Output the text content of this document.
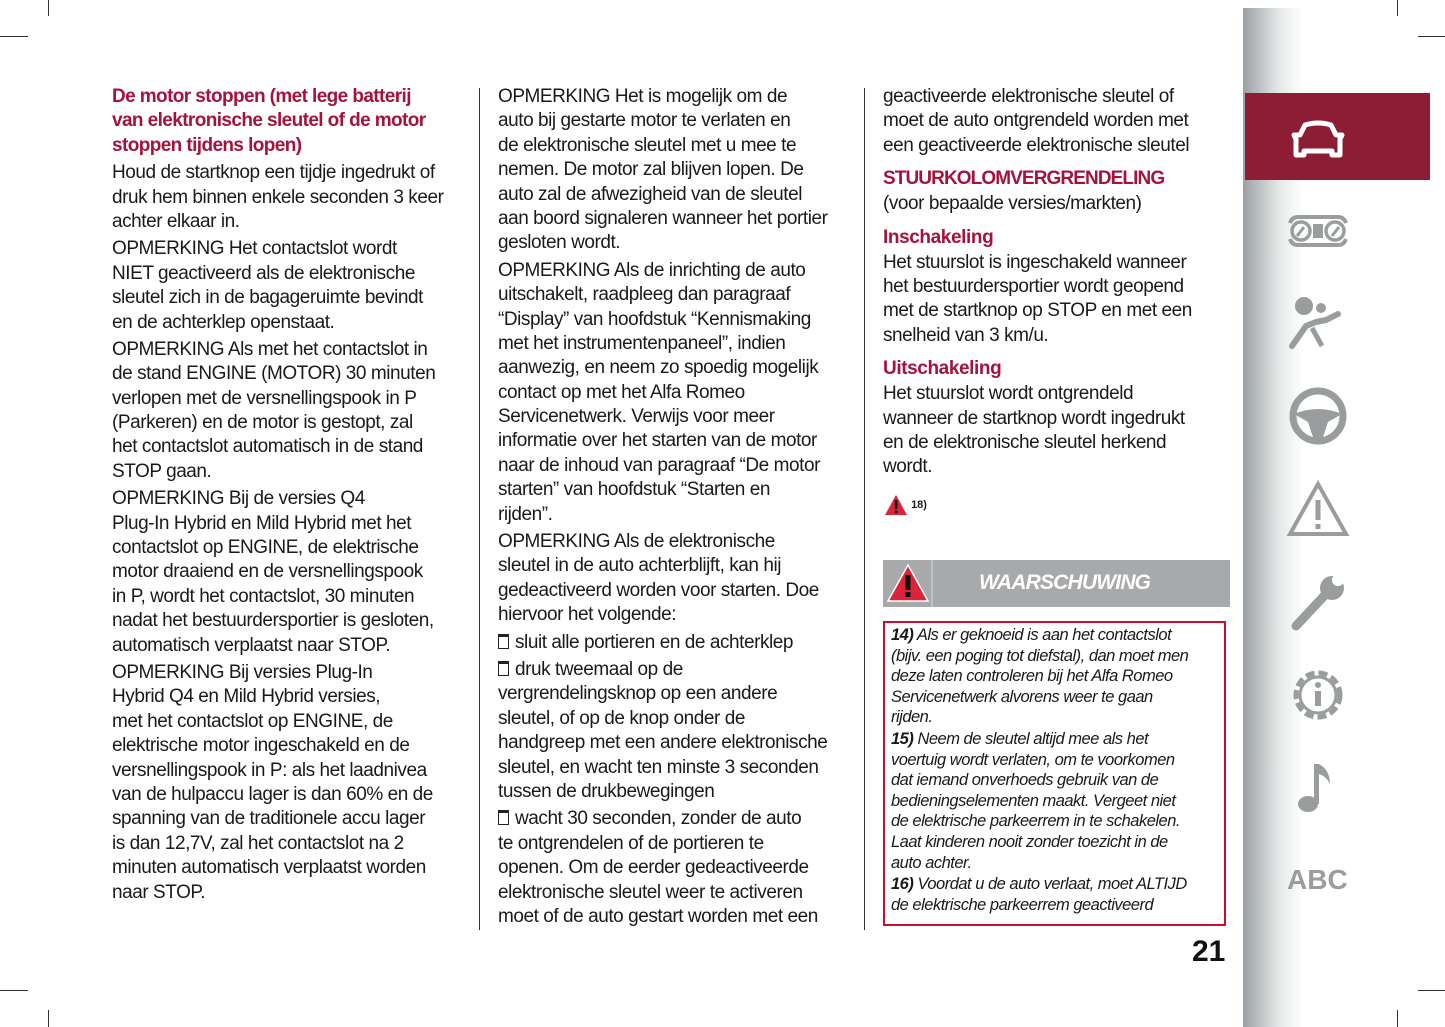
De motor stoppen (met lege batterij
van elektronische sleutel of de motor
stoppen tijdens lopen)
Houd de startknop een tijdje ingedrukt of
druk hem binnen enkele seconden 3 keer
achter elkaar in.
OPMERKING Het contactslot wordt
NIET geactiveerd als de elektronische
sleutel zich in de bagageruimte bevindt
en de achterklep openstaat.
OPMERKING Als met het contactslot in
de stand ENGINE (MOTOR) 30 minuten
verlopen met de versnellingspook in P
(Parkeren) en de motor is gestopt, zal
het contactslot automatisch in de stand
STOP gaan.
OPMERKING Bij de versies Q4
Plug-In Hybrid en Mild Hybrid met het
contactslot op ENGINE, de elektrische
motor draaiend en de versnellingspook
in P, wordt het contactslot, 30 minuten
nadat het bestuurdersportier is gesloten,
automatisch verplaatst naar STOP.
OPMERKING Bij versies Plug-In
Hybrid Q4 en Mild Hybrid versies,
met het contactslot op ENGINE, de
elektrische motor ingeschakeld en de
versnellingspook in P: als het laadnivea
van de hulpaccu lager is dan 60% en de
spanning van de traditionele accu lager
is dan 12,7V, zal het contactslot na 2
minuten automatisch verplaatst worden
naar STOP.
OPMERKING Het is mogelijk om de
auto bij gestarte motor te verlaten en
de elektronische sleutel met u mee te
nemen. De motor zal blijven lopen. De
auto zal de afwezigheid van de sleutel
aan boord signaleren wanneer het portier
gesloten wordt.
OPMERKING Als de inrichting de auto
uitschakelt, raadpleeg dan paragraaf
“Display” van hoofdstuk “Kennismaking
met het instrumentenpaneel”, indien
aanwezig, en neem zo spoedig mogelijk
contact op met het Alfa Romeo
Servicenetwerk. Verwijs voor meer
informatie over het starten van de motor
naar de inhoud van paragraaf “De motor
starten” van hoofdstuk “Starten en
rijden”.
OPMERKING Als de elektronische
sleutel in de auto achterblijft, kan hij
gedeactiveerd worden voor starten. Doe
hiervoor het volgende:
sluit alle portieren en de achterklep
druk tweemaal op de
vergrendelingsknop op een andere
sleutel, of op de knop onder de
handgreep met een andere elektronische
sleutel, en wacht ten minste 3 seconden
tussen de drukbewegingen
wacht 30 seconden, zonder de auto
te ontgrendelen of de portieren te
openen. Om de eerder gedeactiveerde
elektronische sleutel weer te activeren
moet of de auto gestart worden met een
geactiveerde elektronische sleutel of
moet de auto ontgrendeld worden met
een geactiveerde elektronische sleutel
STUURKOLOMVERGRENDELING
(voor bepaalde versies/markten)
Inschakeling
Het stuurslot is ingeschakeld wanneer
het bestuurdersportier wordt geopend
met de startknop op STOP en met een
snelheid van 3 km/u.
Uitschakeling
Het stuurslot wordt ontgrendeld
wanneer de startknop wordt ingedrukt
en de elektronische sleutel herkend
wordt.
18)
WAARSCHUWING
14) Als er geknoeid is aan het contactslot
(bijv. een poging tot diefstal), dan moet men
deze laten controleren bij het Alfa Romeo
Servicenetwerk alvorens weer te gaan
rijden.
15) Neem de sleutel altijd mee als het
voertuig wordt verlaten, om te voorkomen
dat iemand onverhoeds gebruik van de
bedieningselementen maakt. Vergeet niet
de elektrische parkeerrem in te schakelen.
Laat kinderen nooit zonder toezicht in de
auto achter.
16) Voordat u de auto verlaat, moet ALTIJD
de elektrische parkeerrem geactiveerd
ABC
21
